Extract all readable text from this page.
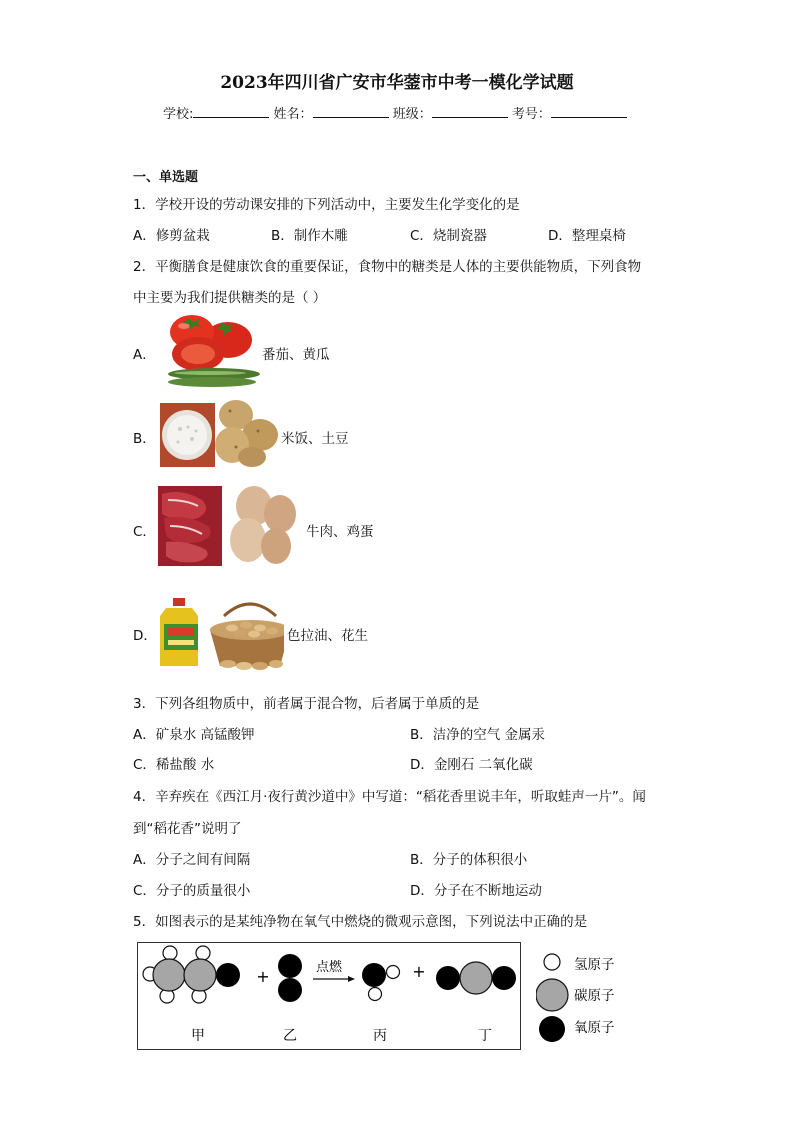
2023年四川省广安市华蓥市中考一模化学试题
学校:	姓名：	班级：	考号：
一、单选题
1．学校开设的劳动课安排的下列活动中，主要发生化学变化的是
A．修剪盆栽	B．制作木雕	C．烧制瓷器	D．整理桌椅
2．平衡膳食是健康饮食的重要保证，食物中的糖类是人体的主要供能物质，下列食物
中主要为我们提供糖类的是（ ）
A．	番茄、黄瓜
B．	米饭、土豆
C．	牛肉、鸡蛋
D．	色拉油、花生
3．下列各组物质中，前者属于混合物，后者属于单质的是
A．矿泉水 高锰酸钾	B．洁净的空气 金属汞
C．稀盐酸 水	D．金刚石 二氧化碳
4．辛弃疾在《西江月·夜行黄沙道中》中写道：“稻花香里说丰年，听取蛙声一片”。闻
到“稻花香”说明了
A．分子之间有间隔	B．分子的体积很小
C．分子的质量很小	D．分子在不断地运动
5．如图表示的是某纯净物在氧气中燃烧的微观示意图，下列说法中正确的是
+	点燃	+
甲	乙	丙	丁
氢原子
碳原子
氧原子
